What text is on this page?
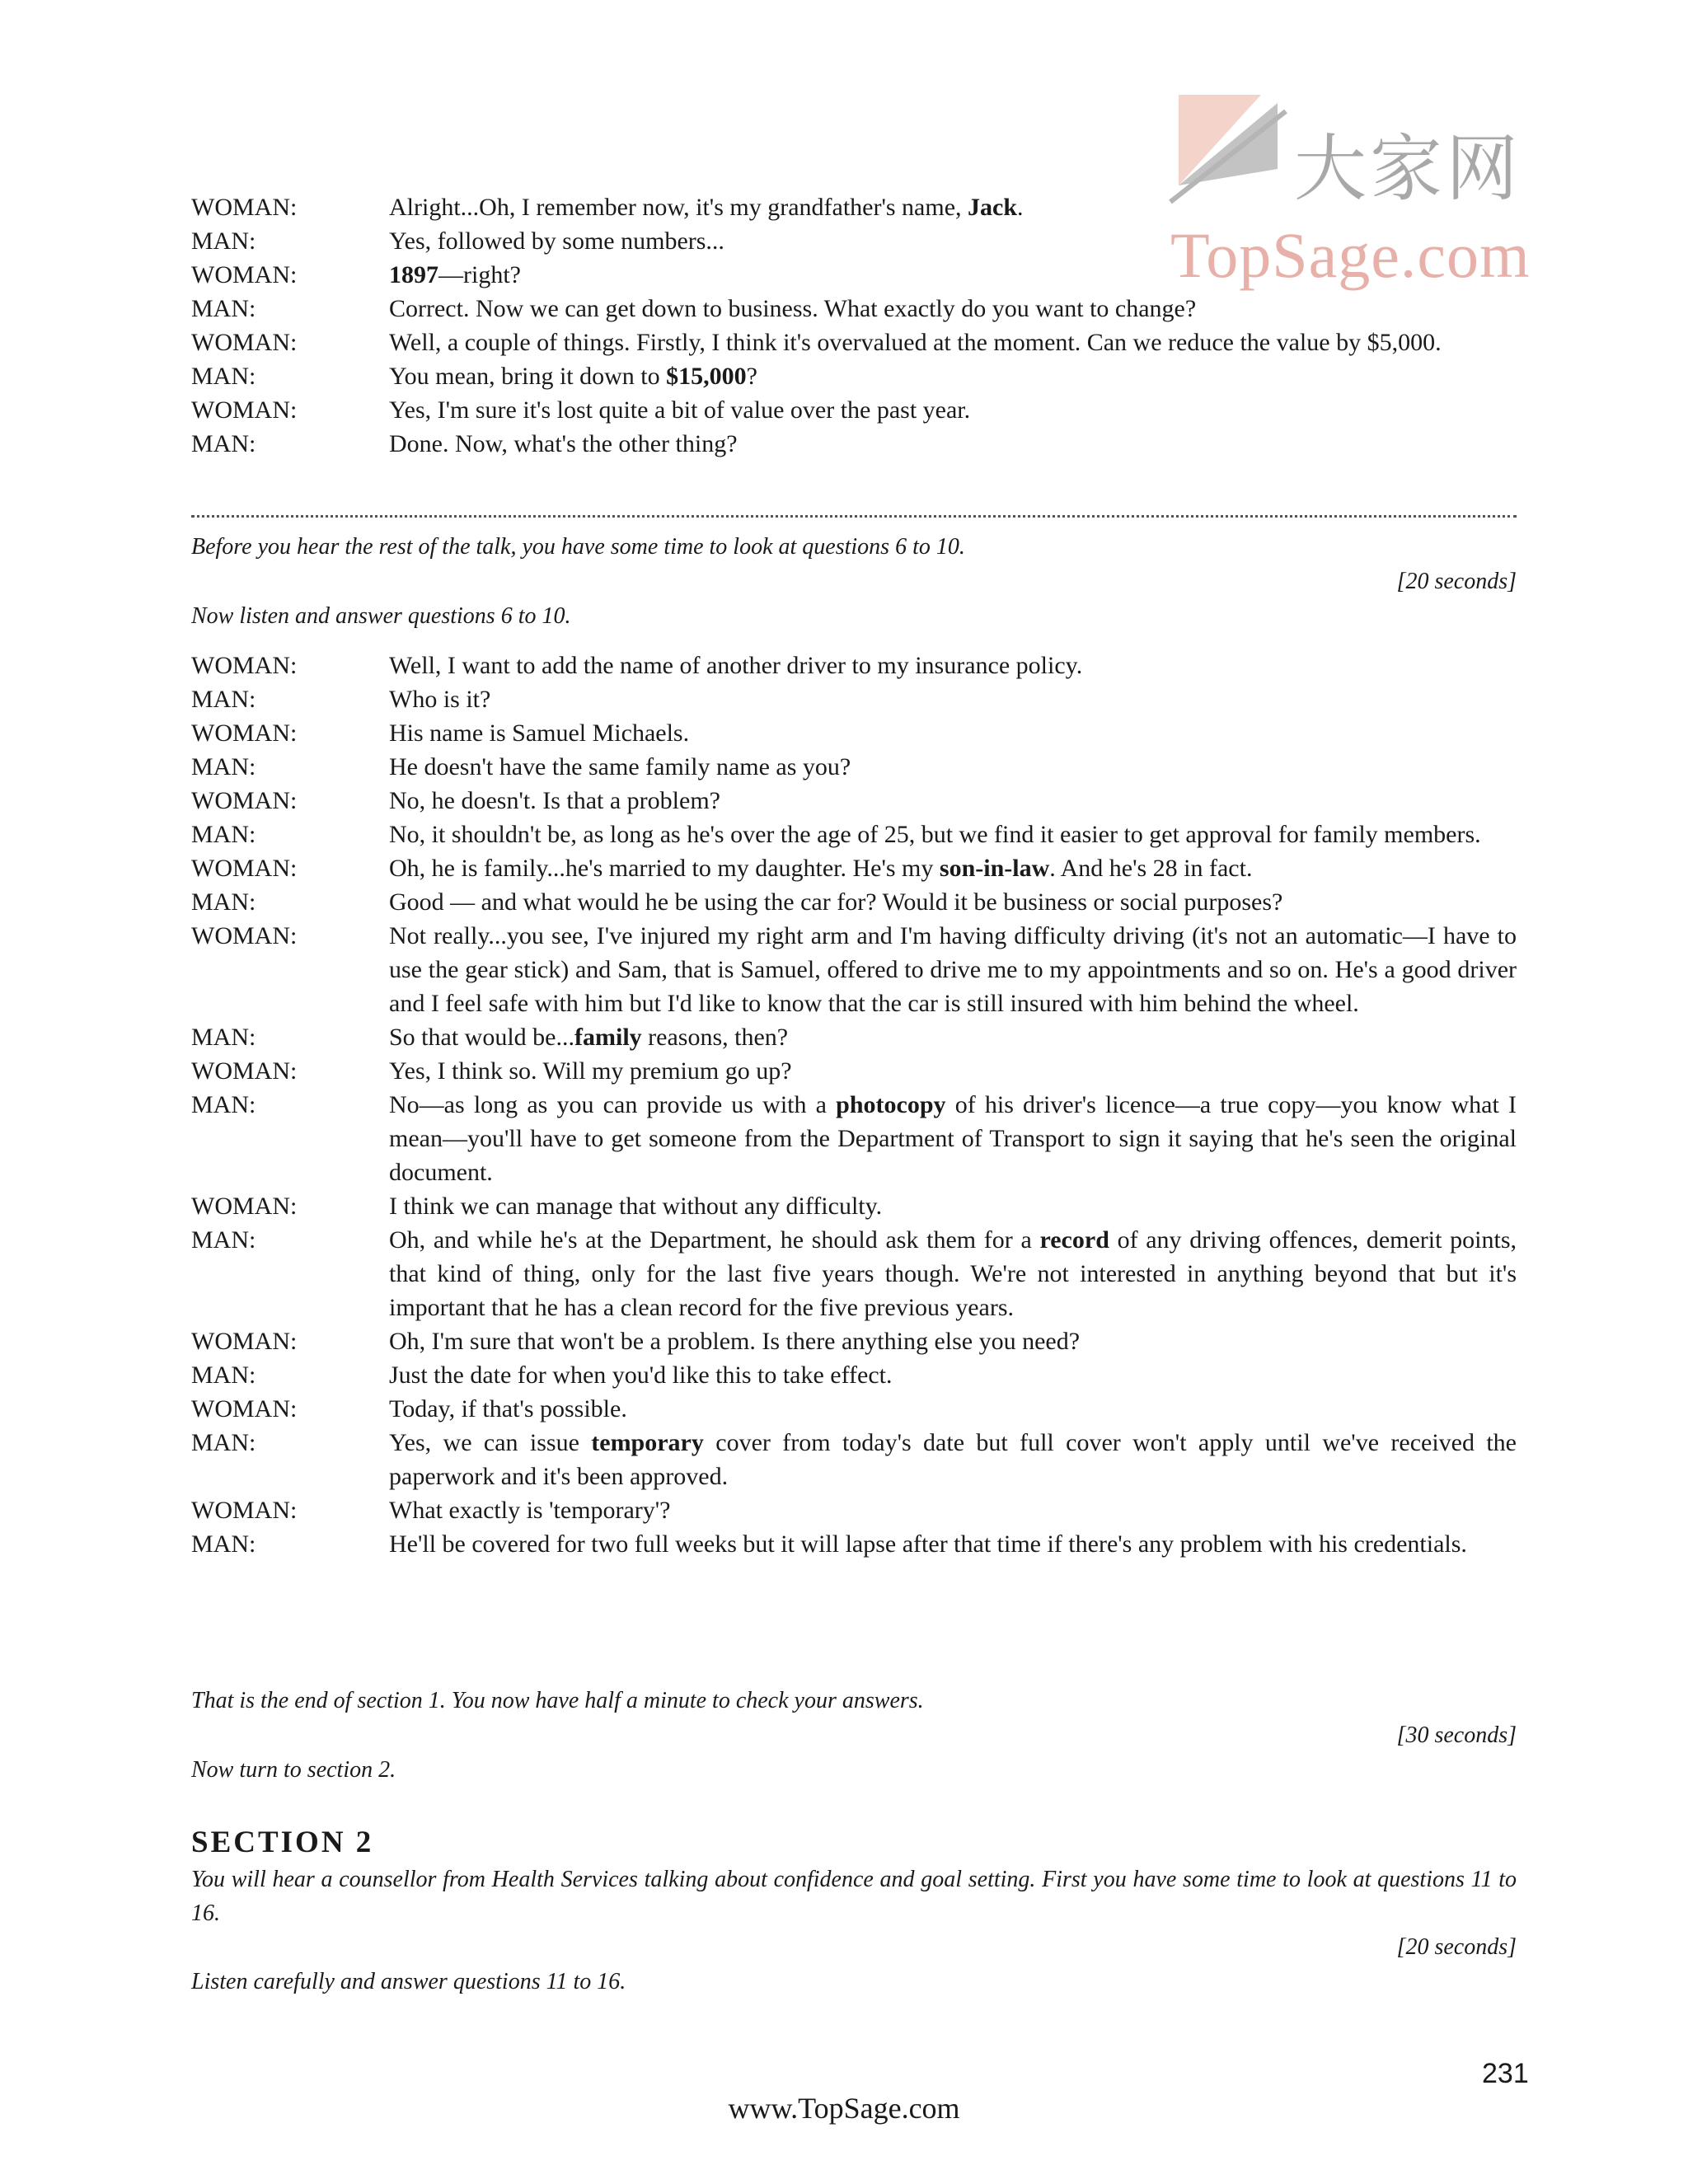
大家网
TopSage.com
WOMAN:	Alright...Oh, I remember now, it's my grandfather's name, Jack.
MAN:	Yes, followed by some numbers...
WOMAN:	1897—right?
MAN:	Correct. Now we can get down to business. What exactly do you want to change?
WOMAN:	Well, a couple of things. Firstly, I think it's overvalued at the moment. Can we reduce the value by $5,000.
MAN:	You mean, bring it down to $15,000?
WOMAN:	Yes, I'm sure it's lost quite a bit of value over the past year.
MAN:	Done. Now, what's the other thing?
Before you hear the rest of the talk, you have some time to look at questions 6 to 10.
[20 seconds]
Now listen and answer questions 6 to 10.
WOMAN:	Well, I want to add the name of another driver to my insurance policy.
MAN:	Who is it?
WOMAN:	His name is Samuel Michaels.
MAN:	He doesn't have the same family name as you?
WOMAN:	No, he doesn't. Is that a problem?
MAN:	No, it shouldn't be, as long as he's over the age of 25, but we find it easier to get approval for family members.
WOMAN:	Oh, he is family...he's married to my daughter. He's my son-in-law. And he's 28 in fact.
MAN:	Good — and what would he be using the car for? Would it be business or social purposes?
WOMAN:	Not really...you see, I've injured my right arm and I'm having difficulty driving (it's not an automatic—I have to use the gear stick) and Sam, that is Samuel, offered to drive me to my appointments and so on. He's a good driver and I feel safe with him but I'd like to know that the car is still insured with him behind the wheel.
MAN:	So that would be...family reasons, then?
WOMAN:	Yes, I think so. Will my premium go up?
MAN:	No—as long as you can provide us with a photocopy of his driver's licence—a true copy—you know what I mean—you'll have to get someone from the Department of Transport to sign it saying that he's seen the original document.
WOMAN:	I think we can manage that without any difficulty.
MAN:	Oh, and while he's at the Department, he should ask them for a record of any driving offences, demerit points, that kind of thing, only for the last five years though. We're not interested in anything beyond that but it's important that he has a clean record for the five previous years.
WOMAN:	Oh, I'm sure that won't be a problem. Is there anything else you need?
MAN:	Just the date for when you'd like this to take effect.
WOMAN:	Today, if that's possible.
MAN:	Yes, we can issue temporary cover from today's date but full cover won't apply until we've received the paperwork and it's been approved.
WOMAN:	What exactly is 'temporary'?
MAN:	He'll be covered for two full weeks but it will lapse after that time if there's any problem with his credentials.
That is the end of section 1. You now have half a minute to check your answers.
[30 seconds]
Now turn to section 2.
SECTION 2
You will hear a counsellor from Health Services talking about confidence and goal setting. First you have some time to look at questions 11 to 16.
[20 seconds]
Listen carefully and answer questions 11 to 16.
231
www.TopSage.com
